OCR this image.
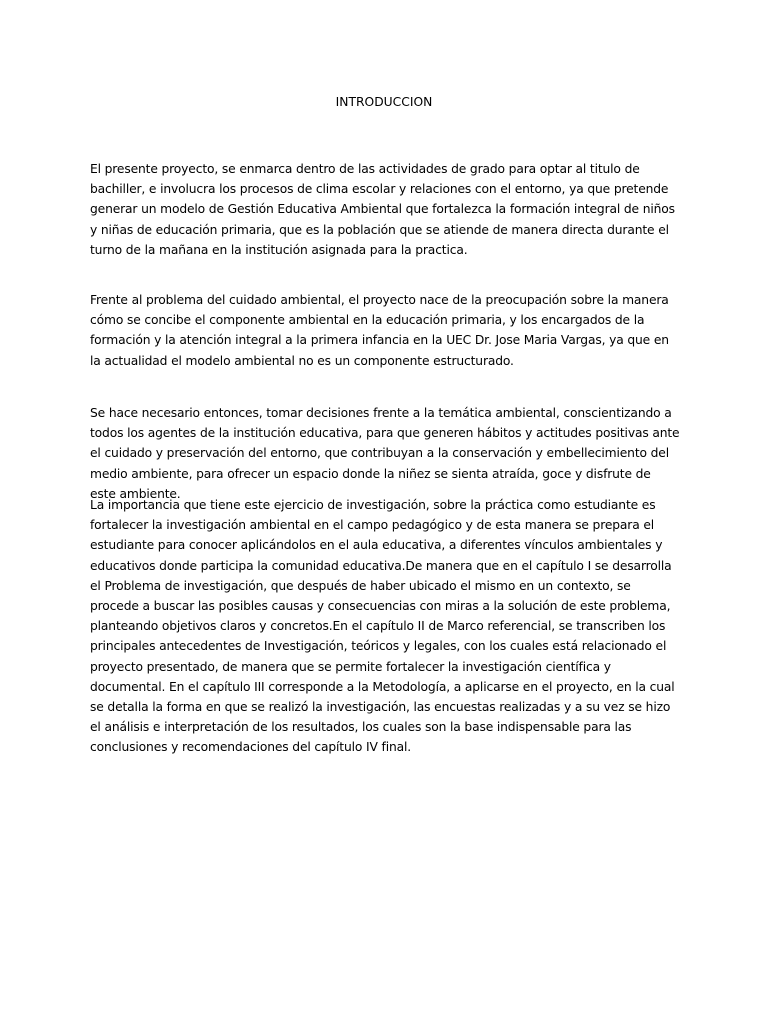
INTRODUCCION

El presente proyecto, se enmarca dentro de las actividades de grado para optar al titulo de bachiller, e involucra los procesos de clima escolar y relaciones con el entorno, ya que pretende generar un modelo de Gestión Educativa Ambiental que fortalezca la formación integral de niños y niñas de educación primaria, que es la población que se atiende de manera directa durante el turno de la mañana en la institución asignada para la practica.

Frente al problema del cuidado ambiental, el proyecto nace de la preocupación sobre la manera cómo se concibe el componente ambiental en la educación primaria, y los encargados de la formación y la atención integral a la primera infancia en la UEC Dr. Jose Maria Vargas, ya que en la actualidad el modelo ambiental no es un componente estructurado.

Se hace necesario entonces, tomar decisiones frente a la temática ambiental, conscientizando a todos los agentes de la institución educativa, para que generen hábitos y actitudes positivas ante el cuidado y preservación del entorno, que contribuyan a la conservación y embellecimiento del medio ambiente, para ofrecer un espacio donde la niñez se sienta atraída, goce y disfrute de este ambiente.

La importancia que tiene este ejercicio de investigación, sobre la práctica como estudiante es fortalecer la investigación ambiental en el campo pedagógico y de esta manera se prepara el estudiante para conocer aplicándolos en el aula educativa, a diferentes vínculos ambientales y educativos donde participa la comunidad educativa.De manera que en el capítulo I se desarrolla el Problema de investigación, que después de haber ubicado el mismo en un contexto, se procede a buscar las posibles causas y consecuencias con miras a la solución de este problema, planteando objetivos claros y concretos.En el capítulo II de Marco referencial, se transcriben los principales antecedentes de Investigación, teóricos y legales, con los cuales está relacionado el proyecto presentado, de manera que se permite fortalecer la investigación científica y documental. En el capítulo III corresponde a la Metodología, a aplicarse en el proyecto, en la cual se detalla la forma en que se realizó la investigación, las encuestas realizadas y a su vez se hizo el análisis e interpretación de los resultados, los cuales son la base indispensable para las conclusiones y recomendaciones del capítulo IV final.
